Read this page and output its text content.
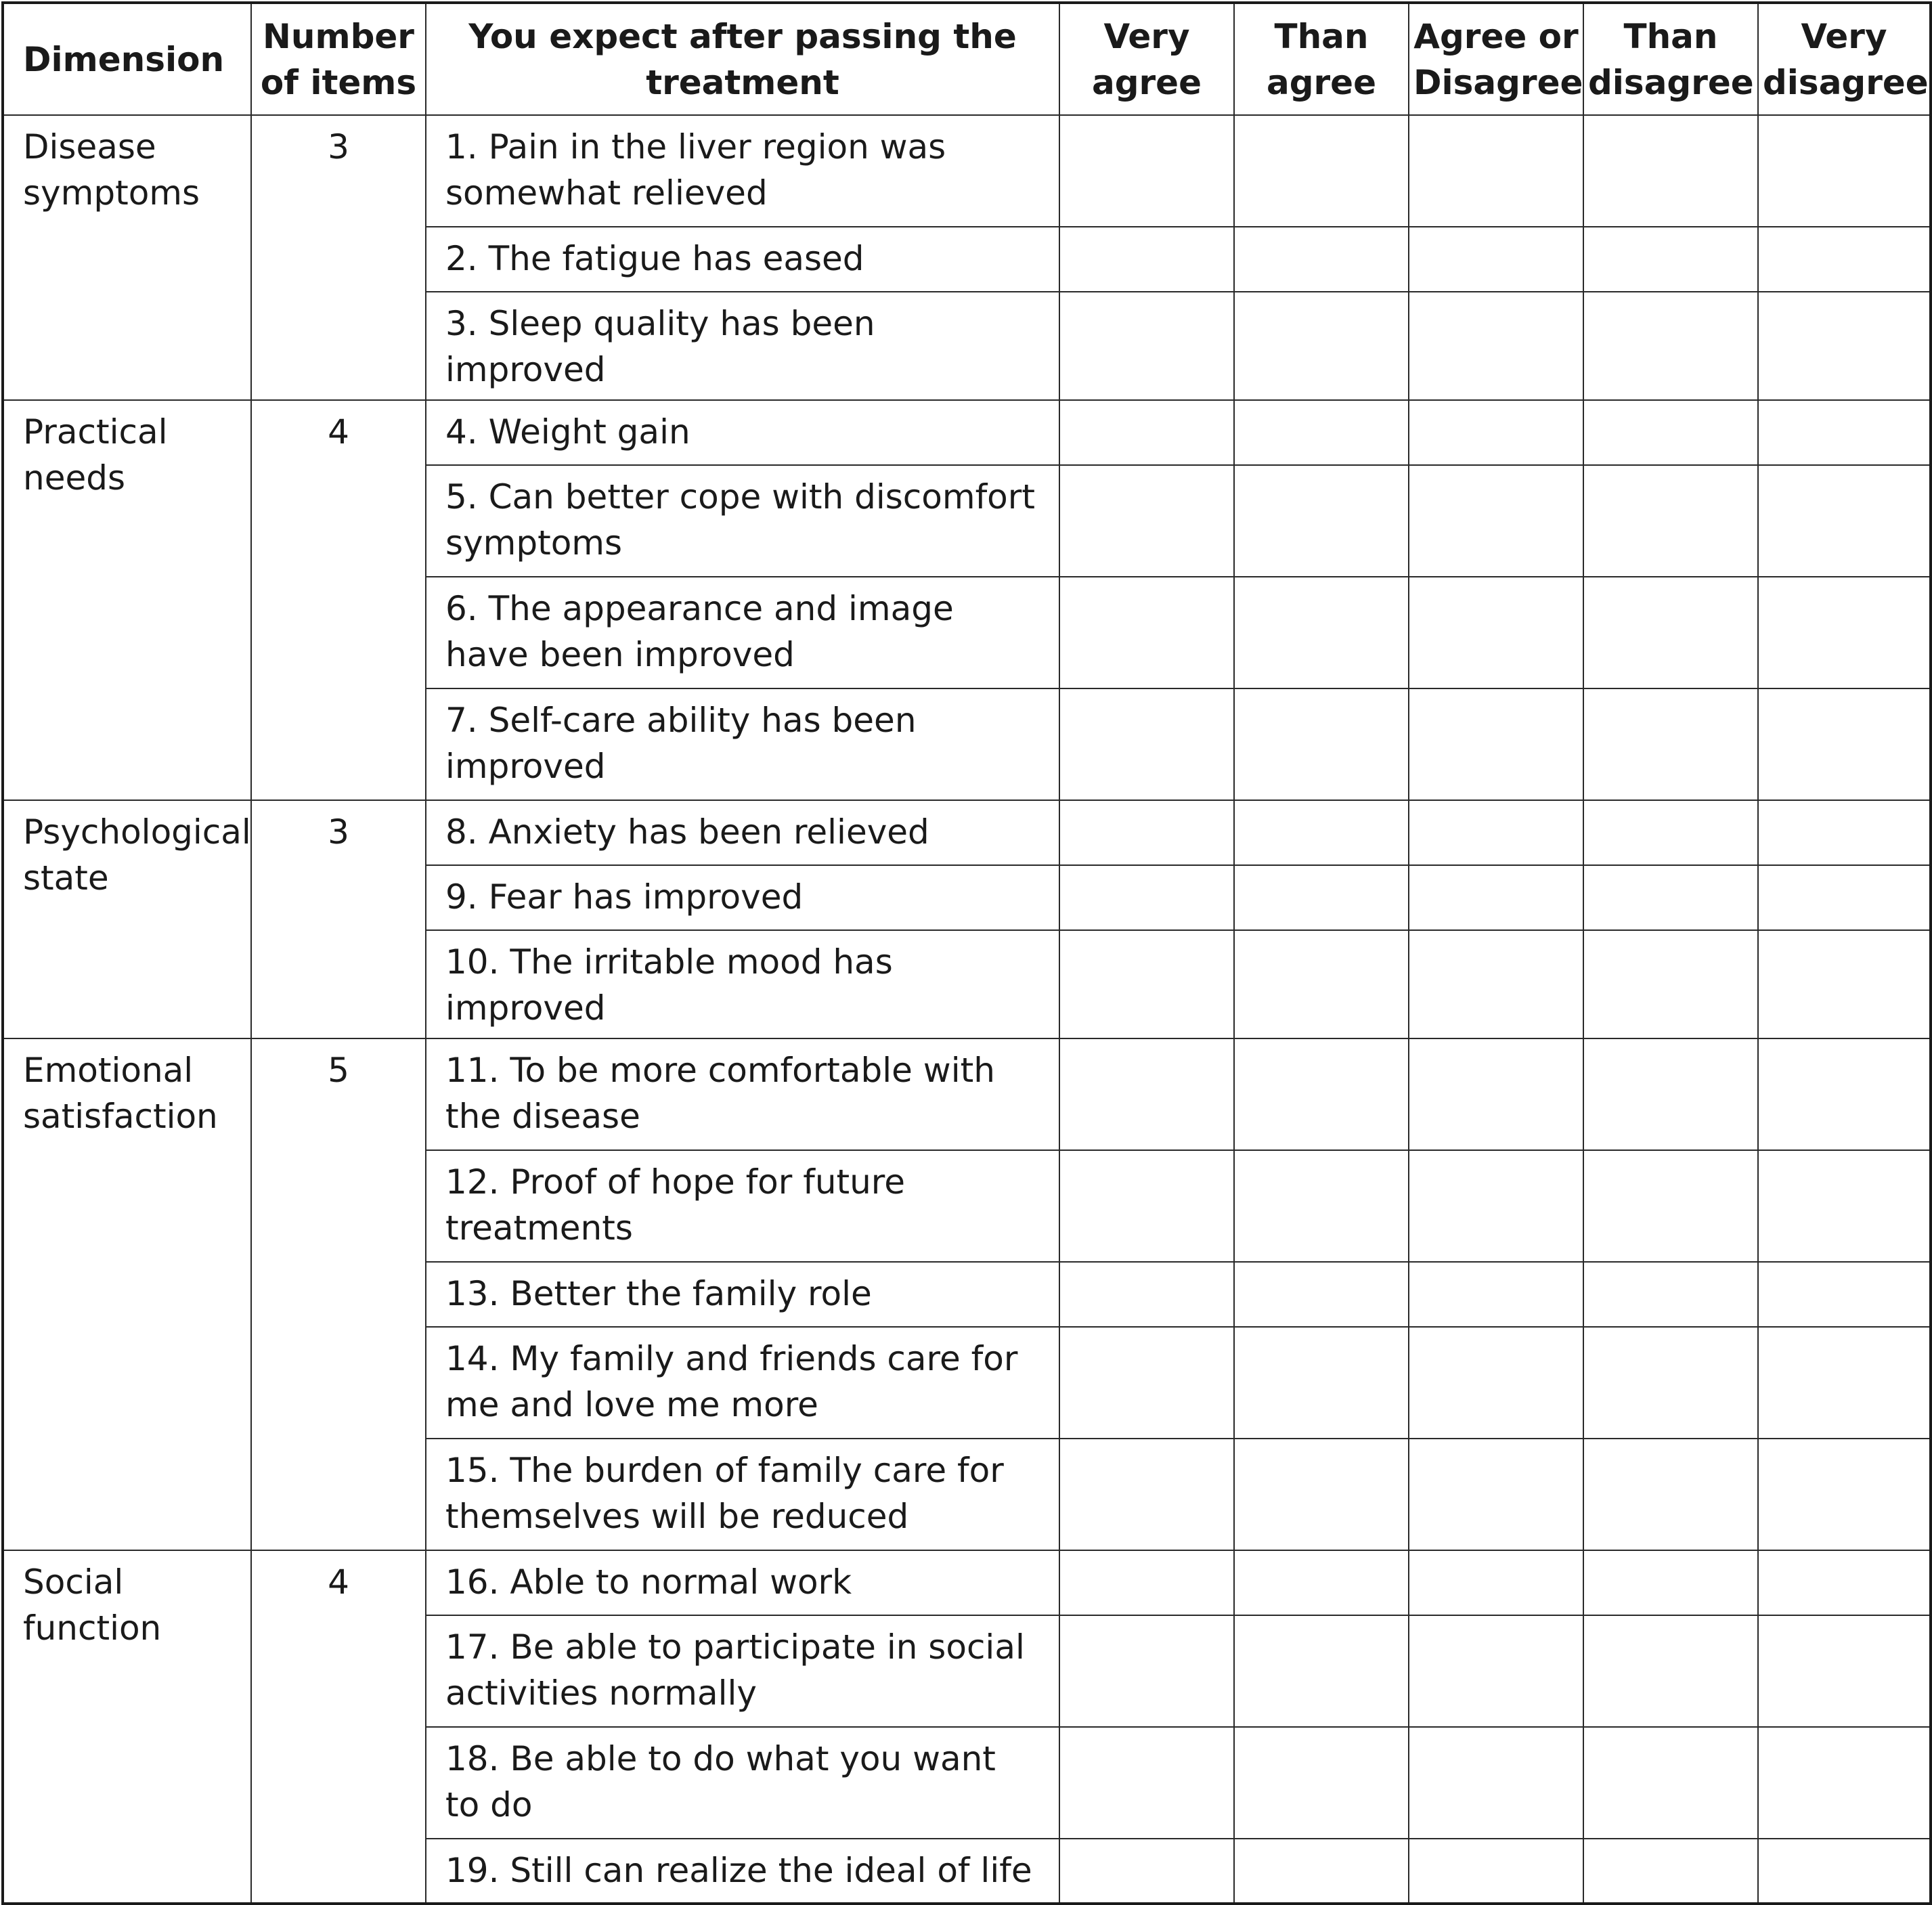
Dimension	Number of items	You expect after passing the treatment	Very agree	Than agree	Agree or Disagree	Than disagree	Very disagree
Disease symptoms	3	1. Pain in the liver region was somewhat relieved					
		2. The fatigue has eased					
		3. Sleep quality has been improved					
Practical needs	4	4. Weight gain					
		5. Can better cope with discomfort symptoms					
		6. The appearance and image have been improved					
		7. Self-care ability has been improved					
Psychological state	3	8. Anxiety has been relieved					
		9. Fear has improved					
		10. The irritable mood has improved					
Emotional satisfaction	5	11. To be more comfortable with the disease					
		12. Proof of hope for future treatments					
		13. Better the family role					
		14. My family and friends care for me and love me more					
		15. The burden of family care for themselves will be reduced					
Social function	4	16. Able to normal work					
		17. Be able to participate in social activities normally					
		18. Be able to do what you want to do					
		19. Still can realize the ideal of life					
